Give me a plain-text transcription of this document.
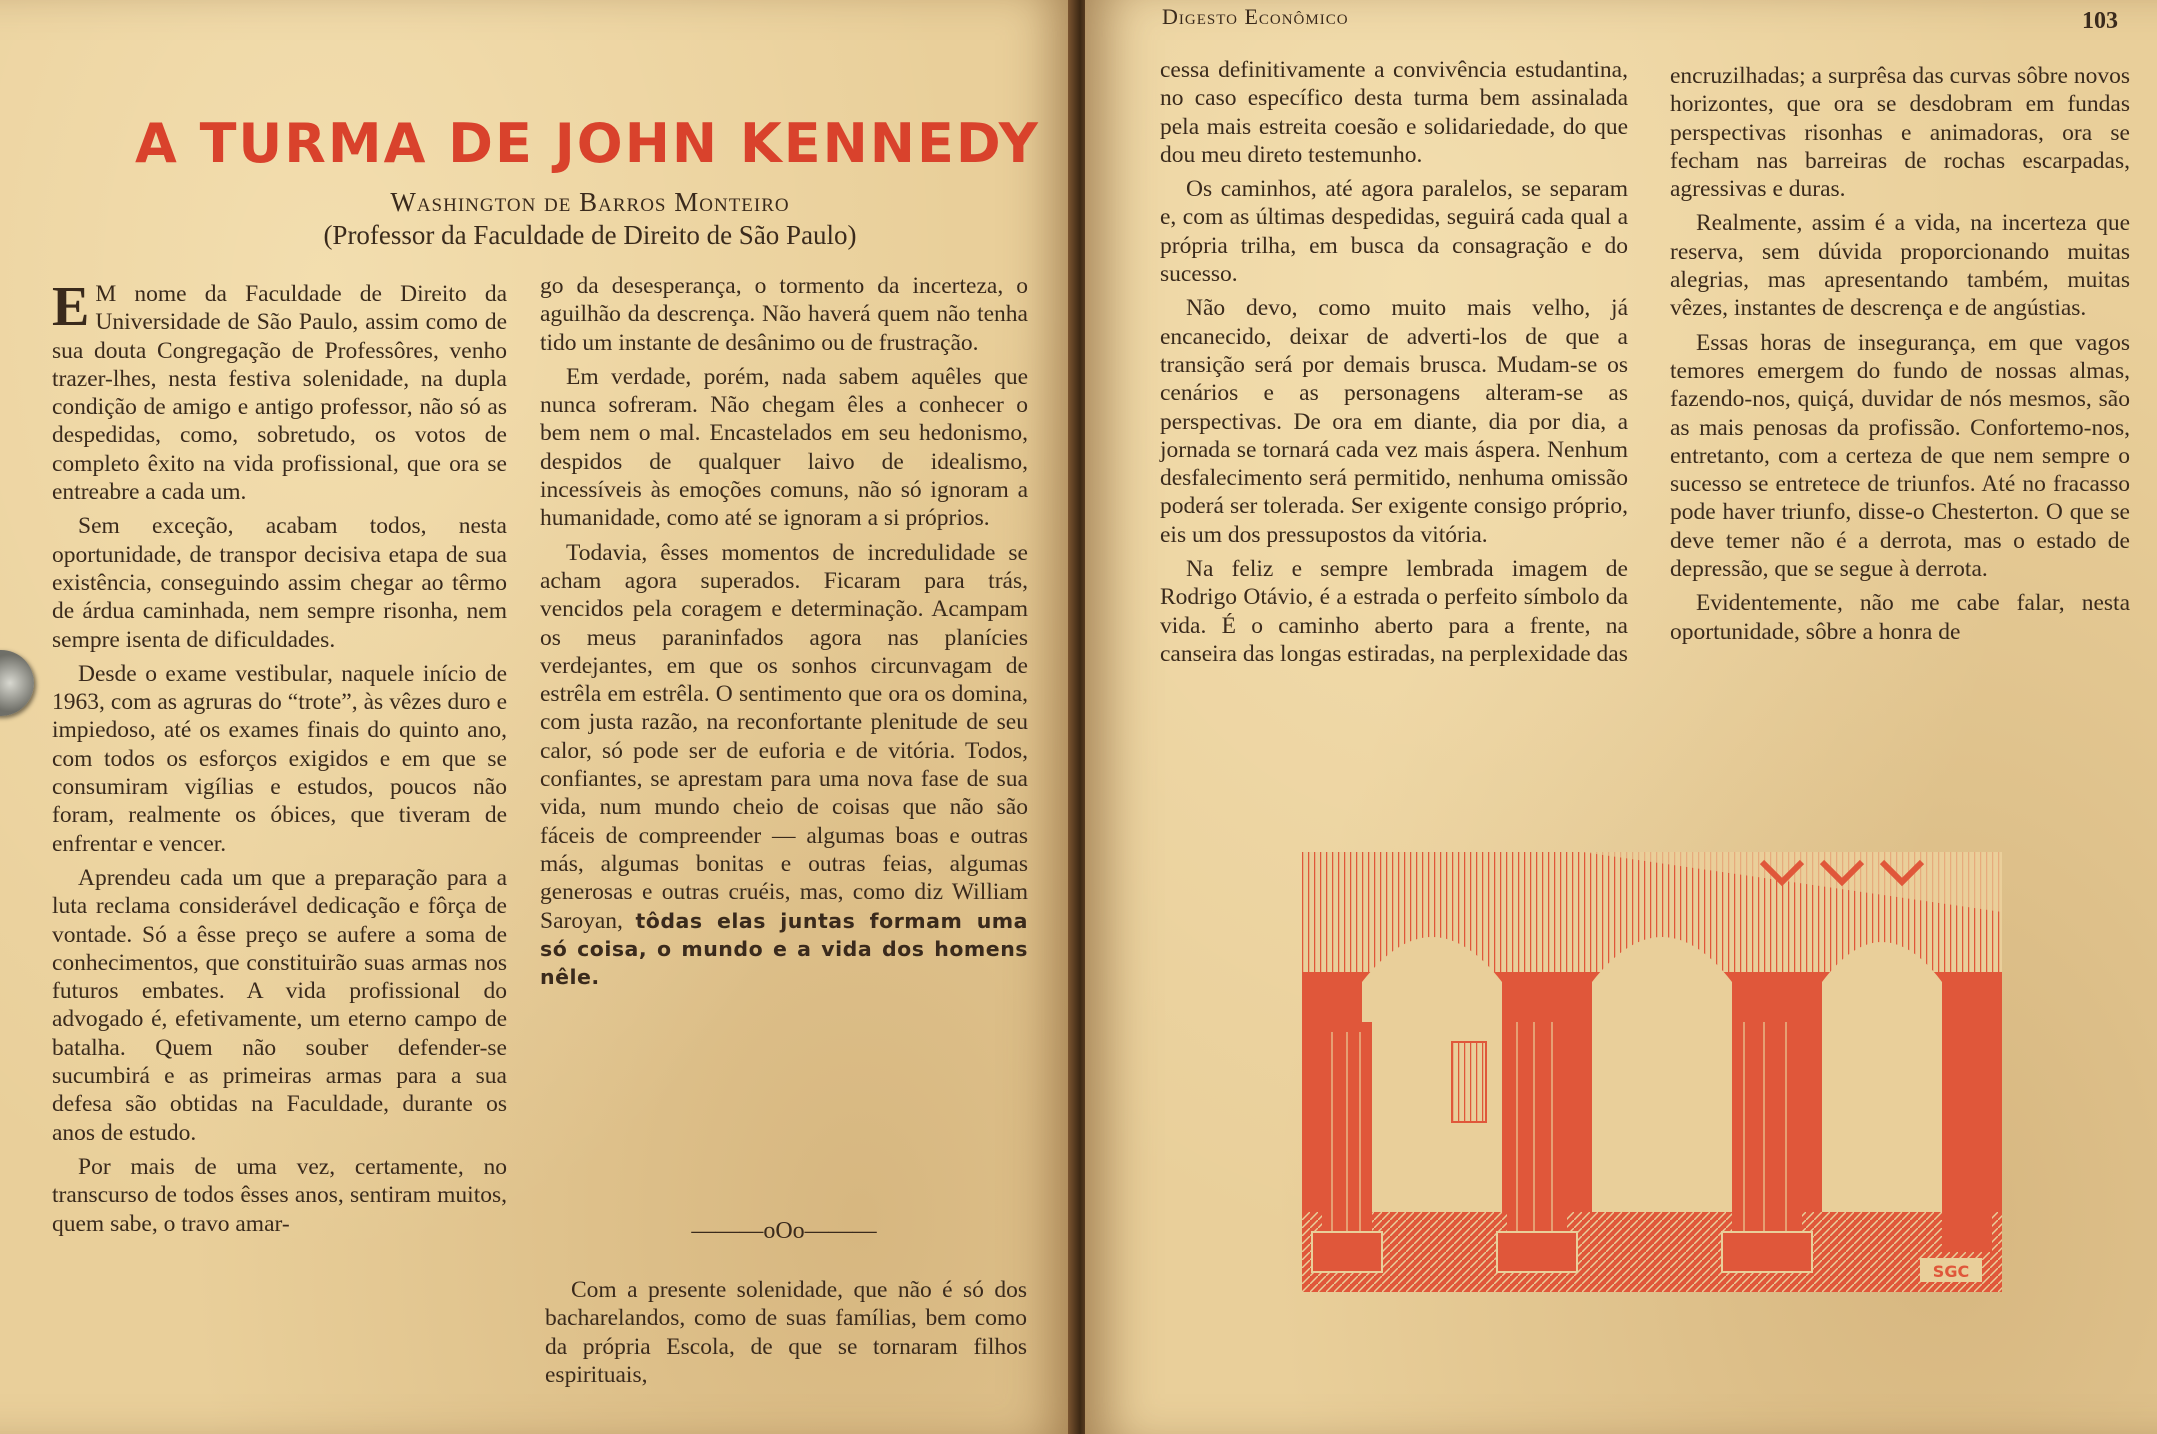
A TURMA DE JOHN KENNEDY
Washington de Barros Monteiro
(Professor da Faculdade de Direito de São Paulo)

E M nome da Faculdade de Direito da Universidade de São Paulo, assim como de sua douta Congregação de Professôres, venho trazer-lhes, nesta festiva solenidade, na dupla condição de amigo e antigo professor, não só as despedidas, como, sobretudo, os votos de completo êxito na vida profissional, que ora se entreabre a cada um.

Sem exceção, acabam todos, nesta oportunidade, de transpor decisiva etapa de sua existência, conseguindo assim chegar ao têrmo de árdua caminhada, nem sempre risonha, nem sempre isenta de dificuldades.

Desde o exame vestibular, naquele início de 1963, com as agruras do “trote”, às vêzes duro e impiedoso, até os exames finais do quinto ano, com todos os esforços exigidos e em que se consumiram vigílias e estudos, poucos não foram, realmente os óbices, que tiveram de enfrentar e vencer.

Aprendeu cada um que a preparação para a luta reclama considerável dedicação e fôrça de vontade. Só a êsse preço se aufere a soma de conhecimentos, que constituirão suas armas nos futuros embates. A vida profissional do advogado é, efetivamente, um eterno campo de batalha. Quem não souber defender-se sucumbirá e as primeiras armas para a sua defesa são obtidas na Faculdade, durante os anos de estudo.

Por mais de uma vez, certamente, no transcurso de todos êsses anos, sentiram muitos, quem sabe, o travo amar-

go da desesperança, o tormento da incerteza, o aguilhão da descrença. Não haverá quem não tenha tido um instante de desânimo ou de frustração.

Em verdade, porém, nada sabem aquêles que nunca sofreram. Não chegam êles a conhecer o bem nem o mal. Encastelados em seu hedonismo, despidos de qualquer laivo de idealismo, incessíveis às emoções comuns, não só ignoram a humanidade, como até se ignoram a si próprios.

Todavia, êsses momentos de incredulidade se acham agora superados. Ficaram para trás, vencidos pela coragem e determinação. Acampam os meus paraninfados agora nas planícies verdejantes, em que os sonhos circunvagam de estrêla em estrêla. O sentimento que ora os domina, com justa razão, na reconfortante plenitude de seu calor, só pode ser de euforia e de vitória. Todos, confiantes, se aprestam para uma nova fase de sua vida, num mundo cheio de coisas que não são fáceis de compreender — algumas boas e outras más, algumas bonitas e outras feias, algumas generosas e outras cruéis, mas, como diz William Saroyan, tôdas elas juntas formam uma só coisa, o mundo e a vida dos homens nêle.

———oOo———

Com a presente solenidade, que não é só dos bacharelandos, como de suas famílias, bem como da própria Escola, de que se tornaram filhos espirituais,

Digesto Econômico	103

cessa definitivamente a convivência estudantina, no caso específico desta turma bem assinalada pela mais estreita coesão e solidariedade, do que dou meu direto testemunho.

Os caminhos, até agora paralelos, se separam e, com as últimas despedidas, seguirá cada qual a própria trilha, em busca da consagração e do sucesso.

Não devo, como muito mais velho, já encanecido, deixar de adverti-los de que a transição será por demais brusca. Mudam-se os cenários e as personagens alteram-se as perspectivas. De ora em diante, dia por dia, a jornada se tornará cada vez mais áspera. Nenhum desfalecimento será permitido, nenhuma omissão poderá ser tolerada. Ser exigente consigo próprio, eis um dos pressupostos da vitória.

Na feliz e sempre lembrada imagem de Rodrigo Otávio, é a estrada o perfeito símbolo da vida. É o caminho aberto para a frente, na canseira das longas estiradas, na perplexidade das

encruzilhadas; a surprêsa das curvas sôbre novos horizontes, que ora se desdobram em fundas perspectivas risonhas e animadoras, ora se fecham nas barreiras de rochas escarpadas, agressivas e duras.

Realmente, assim é a vida, na incerteza que reserva, sem dúvida proporcionando muitas alegrias, mas apresentando também, muitas vêzes, instantes de descrença e de angústias.

Essas horas de insegurança, em que vagos temores emergem do fundo de nossas almas, fazendo-nos, quiçá, duvidar de nós mesmos, são as mais penosas da profissão. Confortemo-nos, entretanto, com a certeza de que nem sempre o sucesso se entretece de triunfos. Até no fracasso pode haver triunfo, disse-o Chesterton. O que se deve temer não é a derrota, mas o estado de depressão, que se segue à derrota.

Evidentemente, não me cabe falar, nesta oportunidade, sôbre a honra de

SGC
